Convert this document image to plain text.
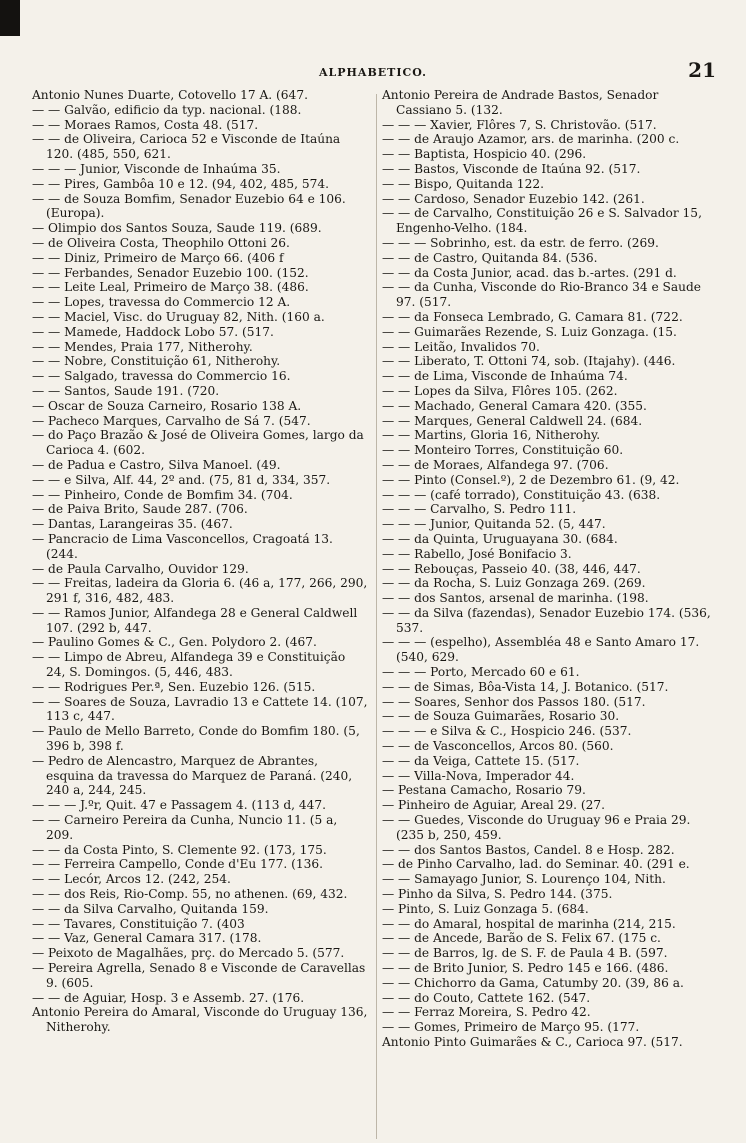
ALPHABETICO.	21
Antonio Nunes Duarte, Cotovello 17 A. (647.
— — Galvão, edificio da typ. nacional. (188.
— — Moraes Ramos, Costa 48. (517.
— — de Oliveira, Carioca 52 e Visconde de Itaúna 120. (485, 550, 621.
— — — Junior, Visconde de Inhaúma 35.
— — Pires, Gambôa 10 e 12. (94, 402, 485, 574.
— — de Souza Bomfim, Senador Euzebio 64 e 106. (Europa).
— Olimpio dos Santos Souza, Saude 119. (689.
— de Oliveira Costa, Theophilo Ottoni 26.
— — Diniz, Primeiro de Março 66. (406 f
— — Ferbandes, Senador Euzebio 100. (152.
— — Leite Leal, Primeiro de Março 38. (486.
— — Lopes, travessa do Commercio 12 A.
— — Maciel, Visc. do Uruguay 82, Nith. (160 a.
— — Mamede, Haddock Lobo 57. (517.
— — Mendes, Praia 177, Nitherohy.
— — Nobre, Constituição 61, Nitherohy.
— — Salgado, travessa do Commercio 16.
— — Santos, Saude 191. (720.
— Oscar de Souza Carneiro, Rosario 138 A.
— Pacheco Marques, Carvalho de Sá 7. (547.
— do Paço Brazão & José de Oliveira Gomes, largo da Carioca 4. (602.
— de Padua e Castro, Silva Manoel. (49.
— — e Silva, Alf. 44, 2º and. (75, 81 d, 334, 357.
— — Pinheiro, Conde de Bomfim 34. (704.
— de Paiva Brito, Saude 287. (706.
— Dantas, Larangeiras 35. (467.
— Pancracio de Lima Vasconcellos, Cragoatá 13. (244.
— de Paula Carvalho, Ouvidor 129.
— — Freitas, ladeira da Gloria 6. (46 a, 177, 266, 290, 291 f, 316, 482, 483.
— — Ramos Junior, Alfandega 28 e General Caldwell 107. (292 b, 447.
— Paulino Gomes & C., Gen. Polydoro 2. (467.
— — Limpo de Abreu, Alfandega 39 e Constituição 24, S. Domingos. (5, 446, 483.
— — Rodrigues Per.ª, Sen. Euzebio 126. (515.
— — Soares de Souza, Lavradio 13 e Cattete 14. (107, 113 c, 447.
— Paulo de Mello Barreto, Conde do Bomfim 180. (5, 396 b, 398 f.
— Pedro de Alencastro, Marquez de Abrantes, esquina da travessa do Marquez de Paraná. (240, 240 a, 244, 245.
— — — J.ºr, Quit. 47 e Passagem 4. (113 d, 447.
— — Carneiro Pereira da Cunha, Nuncio 11. (5 a, 209.
— — da Costa Pinto, S. Clemente 92. (173, 175.
— — Ferreira Campello, Conde d'Eu 177. (136.
— — Lecór, Arcos 12. (242, 254.
— — dos Reis, Rio-Comp. 55, no athenen. (69, 432.
— — da Silva Carvalho, Quitanda 159.
— — Tavares, Constituição 7. (403
— — Vaz, General Camara 317. (178.
— Peixoto de Magalhães, prç. do Mercado 5. (577.
— Pereira Agrella, Senado 8 e Visconde de Caravellas 9. (605.
— — de Aguiar, Hosp. 3 e Assemb. 27. (176.
Antonio Pereira do Amaral, Visconde do Uruguay 136, Nitherohy.
Antonio Pereira de Andrade Bastos, Senador Cassiano 5. (132.
— — — Xavier, Flôres 7, S. Christovão. (517.
— — de Araujo Azamor, ars. de marinha. (200 c.
— — Baptista, Hospicio 40. (296.
— — Bastos, Visconde de Itaúna 92. (517.
— — Bispo, Quitanda 122.
— — Cardoso, Senador Euzebio 142. (261.
— — de Carvalho, Constituição 26 e S. Salvador 15, Engenho-Velho. (184.
— — — Sobrinho, est. da estr. de ferro. (269.
— — de Castro, Quitanda 84. (536.
— — da Costa Junior, acad. das b.-artes. (291 d.
— — da Cunha, Visconde do Rio-Branco 34 e Saude 97. (517.
— — da Fonseca Lembrado, G. Camara 81. (722.
— — Guimarães Rezende, S. Luiz Gonzaga. (15.
— — Leitão, Invalidos 70.
— — Liberato, T. Ottoni 74, sob. (Itajahy). (446.
— — de Lima, Visconde de Inhaúma 74.
— — Lopes da Silva, Flôres 105. (262.
— — Machado, General Camara 420. (355.
— — Marques, General Caldwell 24. (684.
— — Martins, Gloria 16, Nitherohy.
— — Monteiro Torres, Constituição 60.
— — de Moraes, Alfandega 97. (706.
— — Pinto (Consel.º), 2 de Dezembro 61. (9, 42.
— — — (café torrado), Constituição 43. (638.
— — — Carvalho, S. Pedro 111.
— — — Junior, Quitanda 52. (5, 447.
— — da Quinta, Uruguayana 30. (684.
— — Rabello, José Bonifacio 3.
— — Rebouças, Passeio 40. (38, 446, 447.
— — da Rocha, S. Luiz Gonzaga 269. (269.
— — dos Santos, arsenal de marinha. (198.
— — da Silva (fazendas), Senador Euzebio 174. (536, 537.
— — — (espelho), Assembléa 48 e Santo Amaro 17. (540, 629.
— — — Porto, Mercado 60 e 61.
— — de Simas, Bôa-Vista 14, J. Botanico. (517.
— — Soares, Senhor dos Passos 180. (517.
— — de Souza Guimarães, Rosario 30.
— — — e Silva & C., Hospicio 246. (537.
— — de Vasconcellos, Arcos 80. (560.
— — da Veiga, Cattete 15. (517.
— — Villa-Nova, Imperador 44.
— Pestana Camacho, Rosario 79.
— Pinheiro de Aguiar, Areal 29. (27.
— — Guedes, Visconde do Uruguay 96 e Praia 29. (235 b, 250, 459.
— — dos Santos Bastos, Candel. 8 e Hosp. 282.
— de Pinho Carvalho, lad. do Seminar. 40. (291 e.
— — Samayago Junior, S. Lourenço 104, Nith.
— Pinho da Silva, S. Pedro 144. (375.
— Pinto, S. Luiz Gonzaga 5. (684.
— — do Amaral, hospital de marinha (214, 215.
— — de Ancede, Barão de S. Felix 67. (175 c.
— — de Barros, lg. de S. F. de Paula 4 B. (597.
— — de Brito Junior, S. Pedro 145 e 166. (486.
— — Chichorro da Gama, Catumby 20. (39, 86 a.
— — do Couto, Cattete 162. (547.
— — Ferraz Moreira, S. Pedro 42.
— — Gomes, Primeiro de Março 95. (177.
Antonio Pinto Guimarães & C., Carioca 97. (517.
